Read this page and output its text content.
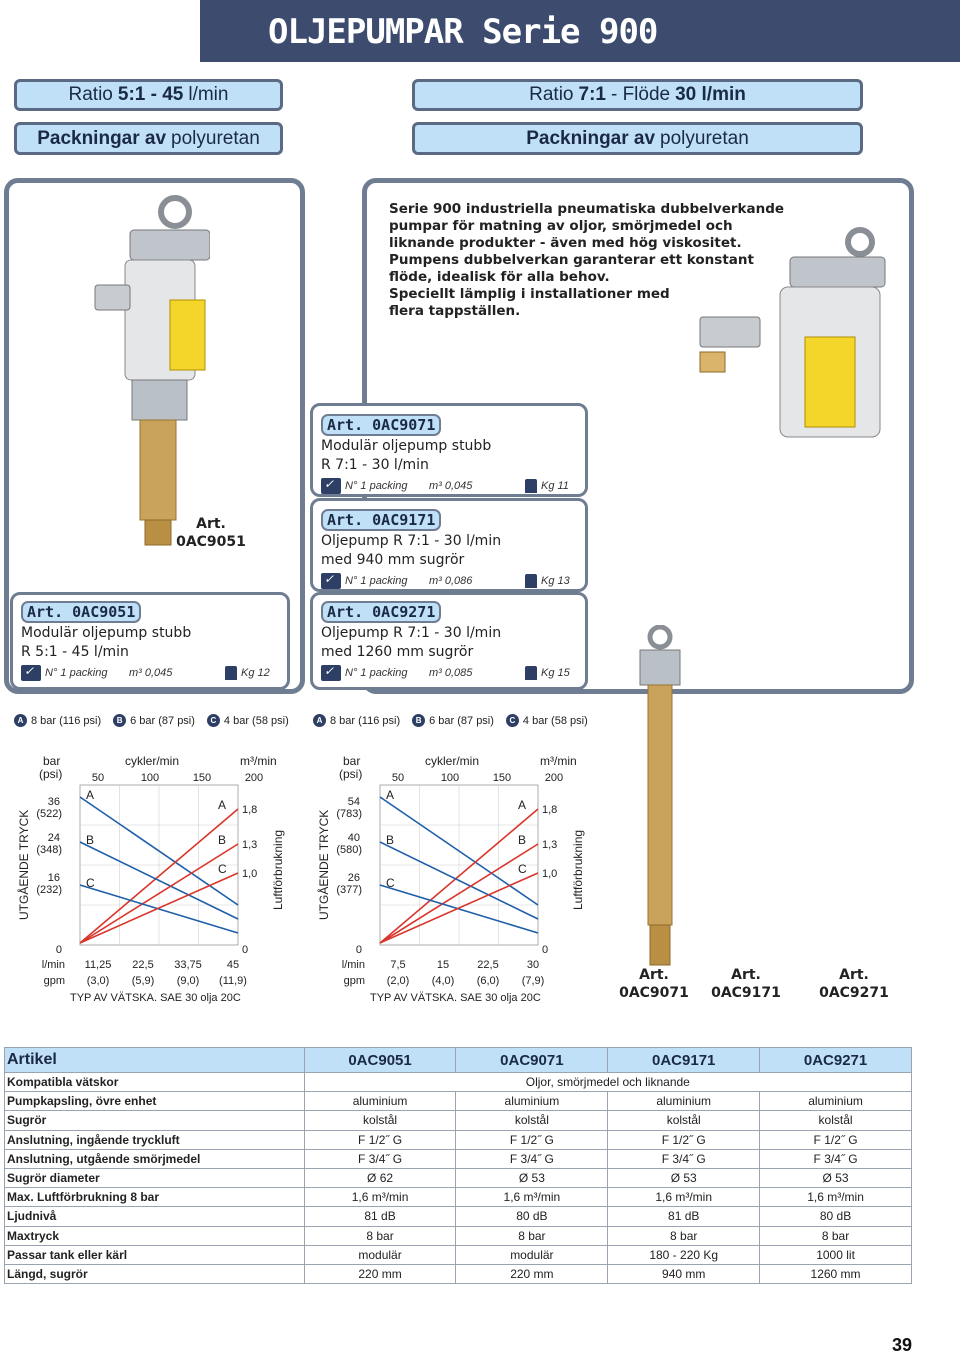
OLJEPUMPAR Serie 900
Ratio 5:1 - 45 l/min
Packningar av polyuretan
Ratio 7:1 - Flöde 30 l/min
Packningar av polyuretan
Serie 900 industriella pneumatiska dubbelverkande
pumpar för matning av oljor, smörjmedel och
liknande produkter - även med hög viskositet.
Pumpens dubbelverkan garanterar ett konstant
flöde, idealisk för alla behov.
Speciellt lämplig i installationer med
flera tappställen.
Art.
0AC9051
Art. 0AC9071
Modulär oljepump stubb
R 7:1 - 30 l/min
✓
N° 1 packing	m³ 0,045	Kg 11
Art. 0AC9171
Oljepump R 7:1 - 30 l/min
med 940 mm sugrör
✓
N° 1 packing	m³ 0,086	Kg 13
Art. 0AC9271
Oljepump R 7:1 - 30 l/min
med 1260 mm sugrör
✓
N° 1 packing	m³ 0,085	Kg 15
Art. 0AC9051
Modulär oljepump stubb
R 5:1 - 45 l/min
✓
N° 1 packing	m³ 0,045	Kg 12
A 8 bar (116 psi)	B 6 bar (87 psi)	C 4 bar (58 psi)	A 8 bar (116 psi)	B 6 bar (87 psi)	C 4 bar (58 psi)
bar
(psi)
cykler/min	m³/min
50	100	150	200
36
(522)
24
(348)
16
(232)
1,8
1,3
1,0
UTGÅENDE TRYCK	Luftförbrukning
0	0
l/min
gpm
11,25 22,5 33,75 45
(3,0) (5,9) (9,0) (11,9)
TYP AV VÄTSKA. SAE 30 olja 20C
A
A
B	B
C
C
bar
(psi)
cykler/min	m³/min
50	100	150	200
54
(783)
40
(580)
26
(377)
1,8
1,3
1,0
UTGÅENDE TRYCK	Luftförbrukning
0	0
l/min
gpm
7,5	15	22,5	30
(2,0) (4,0) (6,0) (7,9)
TYP AV VÄTSKA. SAE 30 olja 20C
A
A
B	B
C
C
Art.
0AC9071
Art.
0AC9171
Art.
0AC9271
Artikel	0AC9051	0AC9071	0AC9171	0AC9271
Kompatibla vätskor	Oljor, smörjmedel och liknande			
Pumpkapsling, övre enhet	aluminium	aluminium	aluminium	aluminium
Sugrör	kolstål	kolstål	kolstål	kolstål
Anslutning, ingående tryckluft	F 1/2˝ G	F 1/2˝ G	F 1/2˝ G	F 1/2˝ G
Anslutning, utgående smörjmedel	F 3/4˝ G	F 3/4˝ G	F 3/4˝ G	F 3/4˝ G
Sugrör diameter	Ø 62	Ø 53	Ø 53	Ø 53
Max. Luftförbrukning 8 bar	1,6 m³/min	1,6 m³/min	1,6 m³/min	1,6 m³/min
Ljudnivå	81 dB	80 dB	81 dB	80 dB
Maxtryck	8 bar	8 bar	8 bar	8 bar
Passar tank eller kärl	modulär	modulär	180 - 220 Kg	1000 lit
Längd, sugrör	220 mm	220 mm	940 mm	1260 mm
39
